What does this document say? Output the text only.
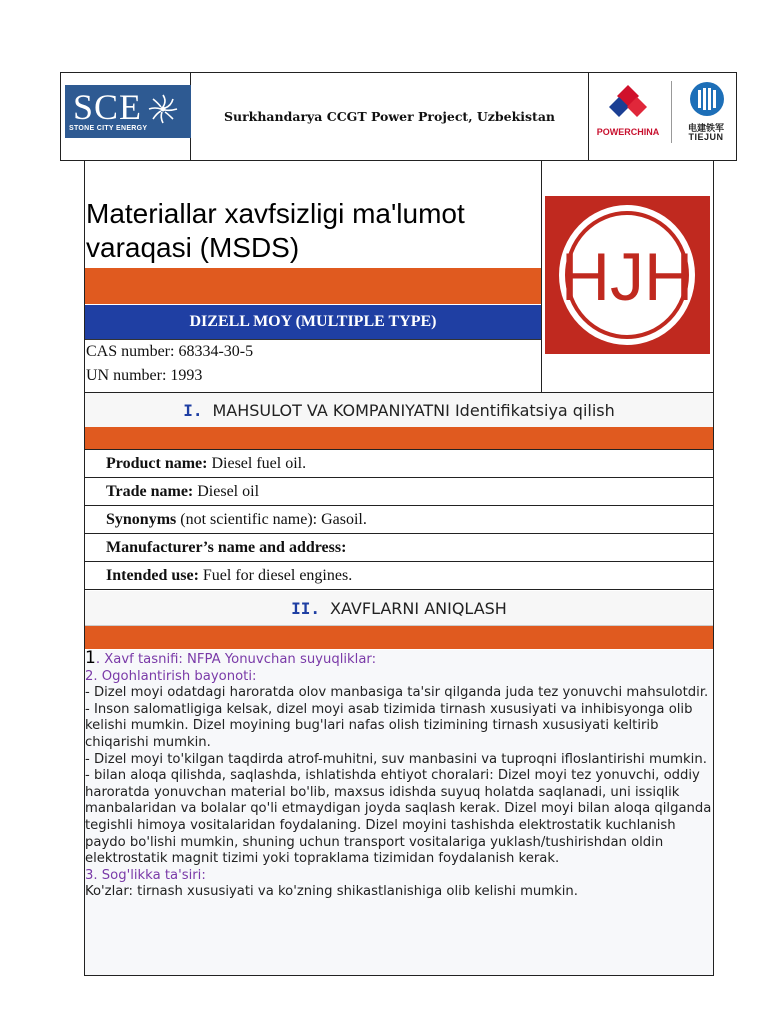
SCE
STONE CITY ENERGY
Surkhandarya CCGT Power Project, Uzbekistan
POWERCHINA	电建铁军
TIEJUN
Materiallar xavfsizligi ma'lumot varaqasi (MSDS)
DIZELL MOY (MULTIPLE TYPE)
CAS number: 68334-30-5
UN number: 1993
HJH
I. MAHSULOT VA KOMPANIYATNI Identifikatsiya qilish
Product name: Diesel fuel oil.
Trade name: Diesel oil
Synonyms (not scientific name): Gasoil.
Manufacturer’s name and address:
Intended use: Fuel for diesel engines.
II. XAVFLARNI ANIQLASH

1. Xavf tasnifi: NFPA Yonuvchan suyuqliklar:

2. Ogohlantirish bayonoti:

- Dizel moyi odatdagi haroratda olov manbasiga ta'sir qilganda juda tez yonuvchi mahsulotdir.

- Inson salomatligiga kelsak, dizel moyi asab tizimida tirnash xususiyati va inhibisyonga olib kelishi mumkin. Dizel moyining bug'lari nafas olish tizimining tirnash xususiyati keltirib chiqarishi mumkin.

- Dizel moyi to'kilgan taqdirda atrof-muhitni, suv manbasini va tuproqni ifloslantirishi mumkin.

- bilan aloqa qilishda, saqlashda, ishlatishda ehtiyot choralari: Dizel moyi tez yonuvchi, oddiy haroratda yonuvchan material bo'lib, maxsus idishda suyuq holatda saqlanadi, uni issiqlik manbalaridan va bolalar qo'li etmaydigan joyda saqlash kerak. Dizel moyi bilan aloqa qilganda tegishli himoya vositalaridan foydalaning. Dizel moyini tashishda elektrostatik kuchlanish paydo bo'lishi mumkin, shuning uchun transport vositalariga yuklash/tushirishdan oldin elektrostatik magnit tizimi yoki topraklama tizimidan foydalanish kerak.

3. Sog'likka ta'siri:

Ko'zlar: tirnash xususiyati va ko'zning shikastlanishiga olib kelishi mumkin.
